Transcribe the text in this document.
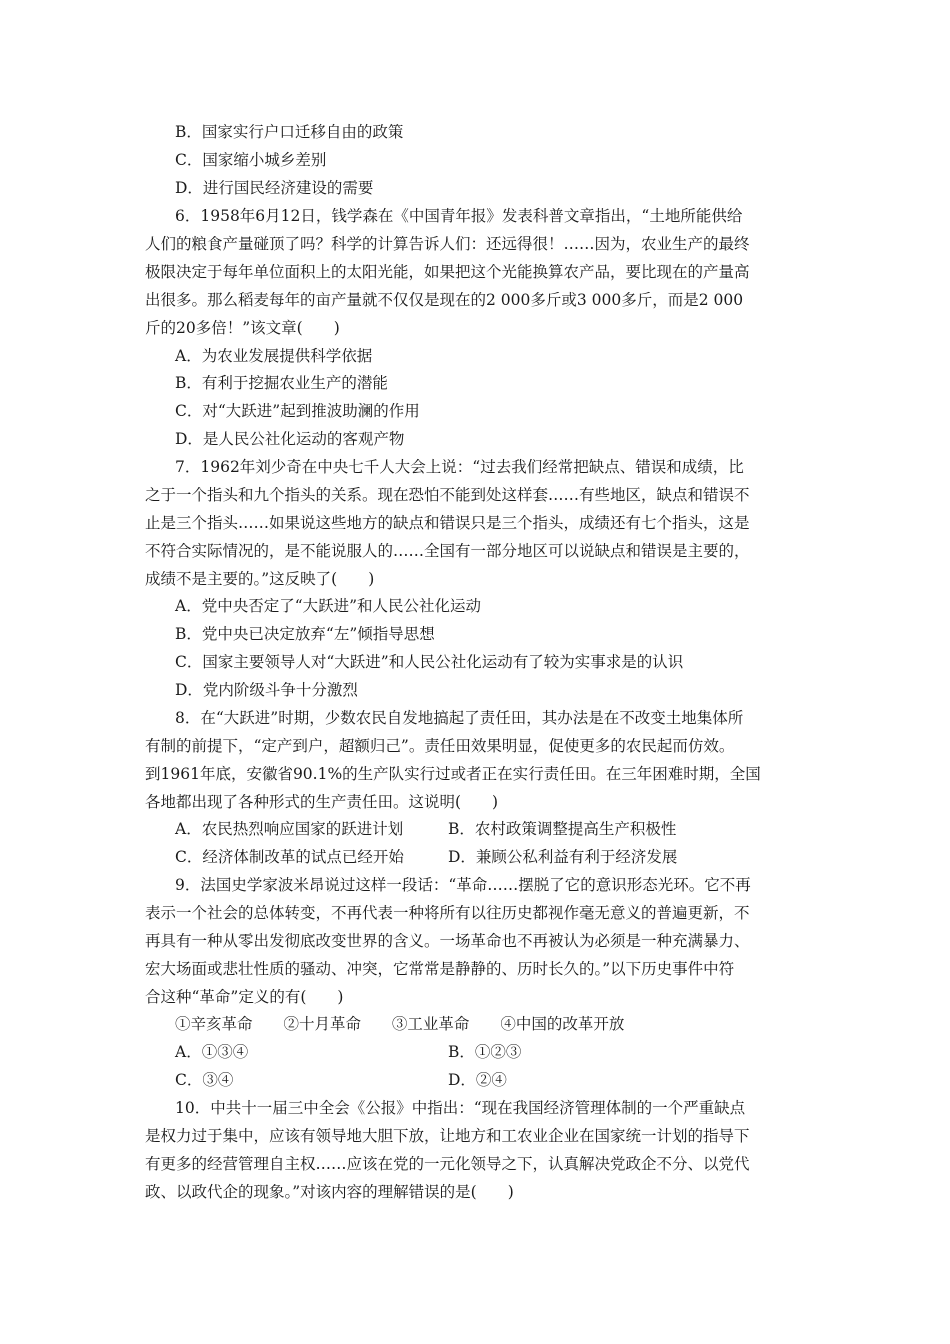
B．国家实行户口迁移自由的政策
C．国家缩小城乡差别
D．进行国民经济建设的需要
6．1958年6月12日，钱学森在《中国青年报》发表科普文章指出，“土地所能供给
人们的粮食产量碰顶了吗？科学的计算告诉人们：还远得很！……因为，农业生产的最终
极限决定于每年单位面积上的太阳光能，如果把这个光能换算农产品，要比现在的产量高
出很多。那么稻麦每年的亩产量就不仅仅是现在的2 000多斤或3 000多斤，而是2 000
斤的20多倍！”该文章(　　)
A．为农业发展提供科学依据
B．有利于挖掘农业生产的潜能
C．对“大跃进”起到推波助澜的作用
D．是人民公社化运动的客观产物
7．1962年刘少奇在中央七千人大会上说：“过去我们经常把缺点、错误和成绩，比
之于一个指头和九个指头的关系。现在恐怕不能到处这样套……有些地区，缺点和错误不
止是三个指头……如果说这些地方的缺点和错误只是三个指头，成绩还有七个指头，这是
不符合实际情况的，是不能说服人的……全国有一部分地区可以说缺点和错误是主要的，
成绩不是主要的。”这反映了(　　)
A．党中央否定了“大跃进”和人民公社化运动
B．党中央已决定放弃“左”倾指导思想
C．国家主要领导人对“大跃进”和人民公社化运动有了较为实事求是的认识
D．党内阶级斗争十分激烈
8．在“大跃进”时期，少数农民自发地搞起了责任田，其办法是在不改变土地集体所
有制的前提下，“定产到户，超额归己”。责任田效果明显，促使更多的农民起而仿效。
到1961年底，安徽省90.1%的生产队实行过或者正在实行责任田。在三年困难时期，全国
各地都出现了各种形式的生产责任田。这说明(　　)
A．农民热烈响应国家的跃进计划	B．农村政策调整提高生产积极性
C．经济体制改革的试点已经开始	D．兼顾公私利益有利于经济发展
9．法国史学家波米昂说过这样一段话：“革命……摆脱了它的意识形态光环。它不再
表示一个社会的总体转变，不再代表一种将所有以往历史都视作毫无意义的普遍更新，不
再具有一种从零出发彻底改变世界的含义。一场革命也不再被认为必须是一种充满暴力、
宏大场面或悲壮性质的骚动、冲突，它常常是静静的、历时长久的。”以下历史事件中符
合这种“革命”定义的有(　　)
①辛亥革命 ②十月革命 ③工业革命 ④中国的改革开放
A．①③④	B．①②③
C．③④	D．②④
10．中共十一届三中全会《公报》中指出：“现在我国经济管理体制的一个严重缺点
是权力过于集中，应该有领导地大胆下放，让地方和工农业企业在国家统一计划的指导下
有更多的经营管理自主权……应该在党的一元化领导之下，认真解决党政企不分、以党代
政、以政代企的现象。”对该内容的理解错误的是(　　)
